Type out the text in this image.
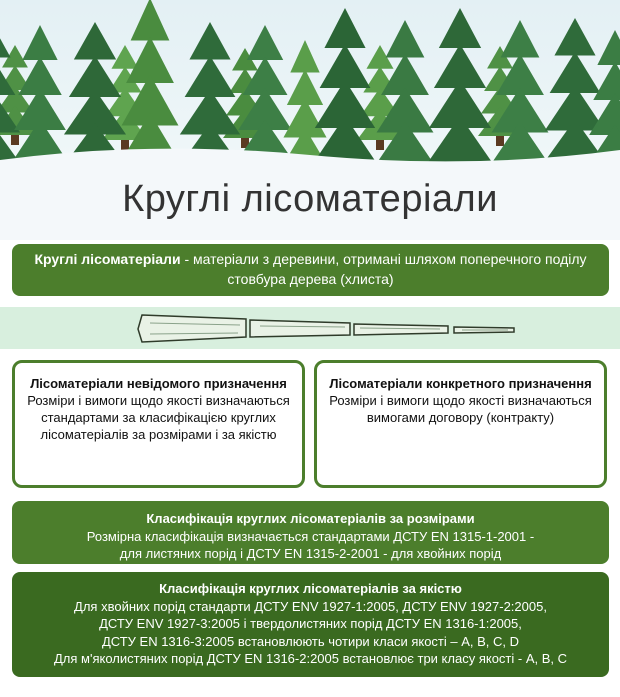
Круглі лісоматеріали
Круглі лісоматеріали - матеріали з деревини, отримані шляхом поперечного поділу стовбура дерева (хлиста)
Лісоматеріали невідомого призначення
Розміри і вимоги щодо якості визначаються стандартами за класифікацією круглих лісоматеріалів за розмірами і за якістю
Лісоматеріали конкретного призначення
Розміри і вимоги щодо якості визначаються вимогами договору (контракту)
Класифікація круглих лісоматеріалів за розмірами
Розмірна класифікація визначається стандартами ДСТУ EN 1315-1-2001 -
для листяних порід і ДСТУ EN 1315-2-2001 - для хвойних порід
Класифікація круглих лісоматеріалів за якістю
Для хвойних порід стандарти ДСТУ ENV 1927-1:2005, ДСТУ ENV 1927-2:2005,
ДСТУ ENV 1927-3:2005 і твердолистяних порід ДСТУ EN 1316-1:2005,
ДСТУ EN 1316-3:2005 встановлюють чотири класи якості – A, B, C, D
Для м'яколистяних порід ДСТУ EN 1316-2:2005 встановлює три класу якості - A, B, C
